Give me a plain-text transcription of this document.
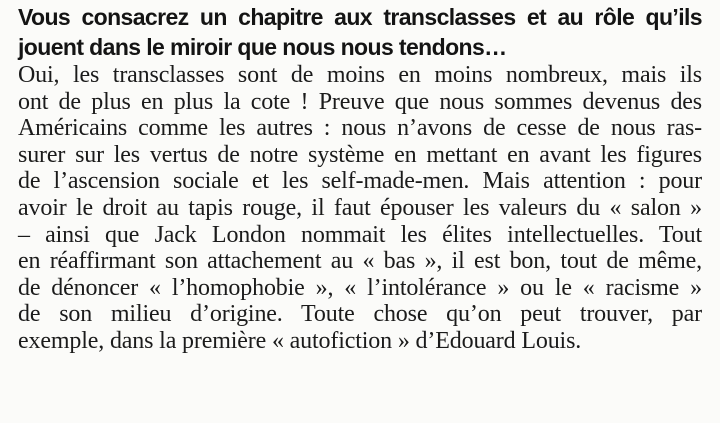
Vous consacrez un chapitre aux transclasses et au rôle qu’ils
jouent dans le miroir que nous nous tendons…

Oui, les transclasses sont de moins en moins nombreux, mais ils
ont de plus en plus la cote ! Preuve que nous sommes devenus des
Américains comme les autres : nous n’avons de cesse de nous ras-
surer sur les vertus de notre système en mettant en avant les figures
de l’ascension sociale et les self-made-men. Mais attention : pour
avoir le droit au tapis rouge, il faut épouser les valeurs du « salon »
– ainsi que Jack London nommait les élites intellectuelles. Tout
en réaffirmant son attachement au « bas », il est bon, tout de même,
de dénoncer « l’homophobie », « l’intolérance » ou le « racisme »
de son milieu d’origine. Toute chose qu’on peut trouver, par
exemple, dans la première « autofiction » d’Edouard Louis.
